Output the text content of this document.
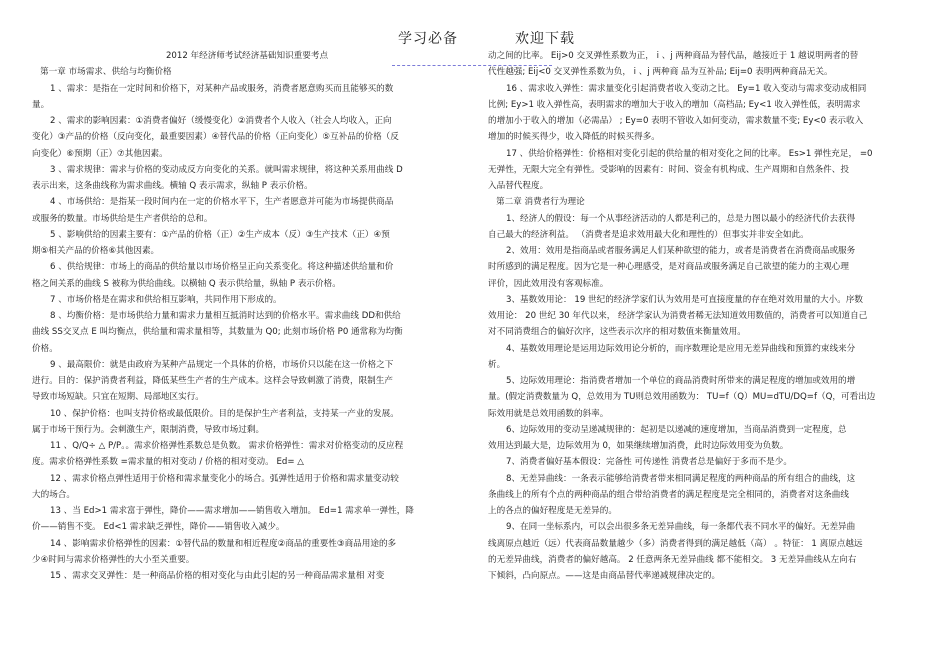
学习必备	欢迎下载
2012 年经济师考试经济基础知识重要考点
第一章 市场需求、供给与均衡价格
1 、需求：是指在一定时间和价格下，对某种产品或服务，消费者愿意购买而且能够买的数
量。
2 、需求的影响因素：①消费者偏好（缓慢变化）②消费者个人收入（社会人均收入，正向
变化）③产品的价格（反向变化，最重要因素）④替代品的价格（正向变化）⑤互补品的价格（反
向变化）⑥预期（正）⑦其他因素。
3 、需求规律：需求与价格的变动成反方向变化的关系。就叫需求规律，将这种关系用曲线 D
表示出来，这条曲线称为需求曲线。横轴 Q 表示需求，纵轴 P 表示价格。
4 、市场供给：是指某一段时间内在一定的价格水平下，生产者愿意并可能为市场提供商品
或服务的数量。市场供给是生产者供给的总和。
5 、影响供给的因素主要有：①产品的价格（正）②生产成本（反）③生产技术（正）④预
期⑤相关产品的价格⑥其他因素。
6 、供给规律：市场上的商品的供给量以市场价格呈正向关系变化。将这种描述供给量和价
格之间关系的曲线 S 被称为供给曲线。以横轴 Q 表示供给量，纵轴 P 表示价格。
7 、市场价格是在需求和供给相互影响，共同作用下形成的。
8 、均衡价格：是市场供给力量和需求力量相互抵消时达到的价格水平。需求曲线 DD和供给
曲线 SS交叉点 E 叫均衡点，供给量和需求量相等，其数量为 Q0; 此刻市场价格 P0 通常称为均衡
价格。
9 、最高限价：就是由政府为某种产品规定一个具体的价格，市场价只以能在这一价格之下
进行。目的：保护消费者利益，降低某些生产者的生产成本。这样会导致刺激了消费，限制生产
导致市场短缺。只宜在短期、局部地区实行。
10 、保护价格：也叫支持价格或最低限价。目的是保护生产者利益，支持某一产业的发展。
属于市场干预行为。会刺激生产，限制消费，导致市场过剩。
11 、Q/Q÷ △ P/P。。需求价格弹性系数总是负数。 需求价格弹性：需求对价格变动的反应程
度。需求价格弹性系数 =需求量的相对变动 / 价格的相对变动。 Ed= △
12 、需求价格点弹性适用于价格和需求量变化小的场合。弧弹性适用于价格和需求量变动较
大的场合。
13 、当 Ed>1 需求富于弹性，降价——需求增加——销售收入增加。 Ed=1 需求单一弹性，降
价——销售不变。 Ed<1 需求缺乏弹性，降价——销售收入减少。
14 、影响需求价格弹性的因素：①替代品的数量和相近程度②商品的重要性③商品用途的多
少④时间与需求价格弹性的大小至关重要。
15 、需求交叉弹性：是一种商品价格的相对变化与由此引起的另一种商品需求量相 对变
动之间的比率。 Eij>0 交叉弹性系数为正， i 、j 两种商品为替代品，越接近于 1 越说明两者的替
代性越强; Eij<0 交叉弹性系数为负， i 、j 两种商 品为互补品; Eij=0 表明两种商品无关。
16 、需求收入弹性：需求量变化引起消费者收入变动之比。 Ey=1 收入变动与需求变动成相同
比例; Ey>1 收入弹性高，表明需求的增加大于收入的增加（高档品; Ey<1 收入弹性低，表明需求
的增加小于收入的增加（必需品） ; Ey=0 表明不管收入如何变动，需求数量不变; Ey<0 表示收入
增加的时候买得少，收入降低的时候买得多。
17 、供给价格弹性：价格相对变化引起的供给量的相对变化之间的比率。 Es>1 弹性充足， =0
无弹性，无限大完全有弹性。受影响的因素有：时间、资金有机构成、生产周期和自然条件、投
入品替代程度。
第二章 消费者行为理论
1、经济人的假设：每一个从事经济活动的人都是利己的，总是力图以最小的经济代价去获得
自己最大的经济利益。 （消费者是追求效用最大化和理性的）但事实并非安全如此。
2、效用：效用是指商品或者服务满足人们某种欲望的能力，或者是消费者在消费商品或服务
时所感到的满足程度。因为它是一种心理感受，是对商品或服务满足自己欲望的能力的主观心理
评价，因此效用没有客观标准。
3、基数效用论： 19 世纪的经济学家们认为效用是可直接度量的存在绝对效用量的大小。序数
效用论： 20 世纪 30 年代以来， 经济学家认为消费者稀无法知道效用数值的，消费者可以知道自己
对不同消费组合的偏好次序，这些表示次序的相对数值来衡量效用。
4、基数效用理论是运用边际效用论分析的，而序数理论是应用无差异曲线和预算约束线来分
析。
5、边际效用理论：指消费者增加一个单位的商品消费时所带来的满足程度的增加或效用的增
量。(假定消费数量为 Q，总效用为 TU则总效用函数为： TU=f（Q）MU=dTU/DQ=f（Q，可看出边
际效用就是总效用函数的斜率。
6、边际效用的变动呈递减规律的：起初是以递减的速度增加，当商品消费到一定程度，总
效用达到最大是，边际效用为 0，如果继续增加消费，此时边际效用变为负数。
7、消费者偏好基本假设：完备性 可传递性 消费者总是偏好于多而不是少。
8、无差异曲线：一条表示能够给消费者带来相同满足程度的两种商品的所有组合的曲线，这
条曲线上的所有个点的两种商品的组合带给消费者的满足程度是完全相同的，消费者对这条曲线
上的各点的偏好程度是无差异的。
9、在同一坐标系内，可以会出很多条无差异曲线，每一条都代表不同水平的偏好。无差异曲
线离原点越近（远）代表商品数量越少（多）消费者得到的满足越低（高） 。特征： 1 离原点越远
的无差异曲线，消费者的偏好越高。 2 任意两条无差异曲线 都不能相交。 3 无差异曲线从左向右
下倾斜，凸向原点。——这是由商品替代率递减规律决定的。
